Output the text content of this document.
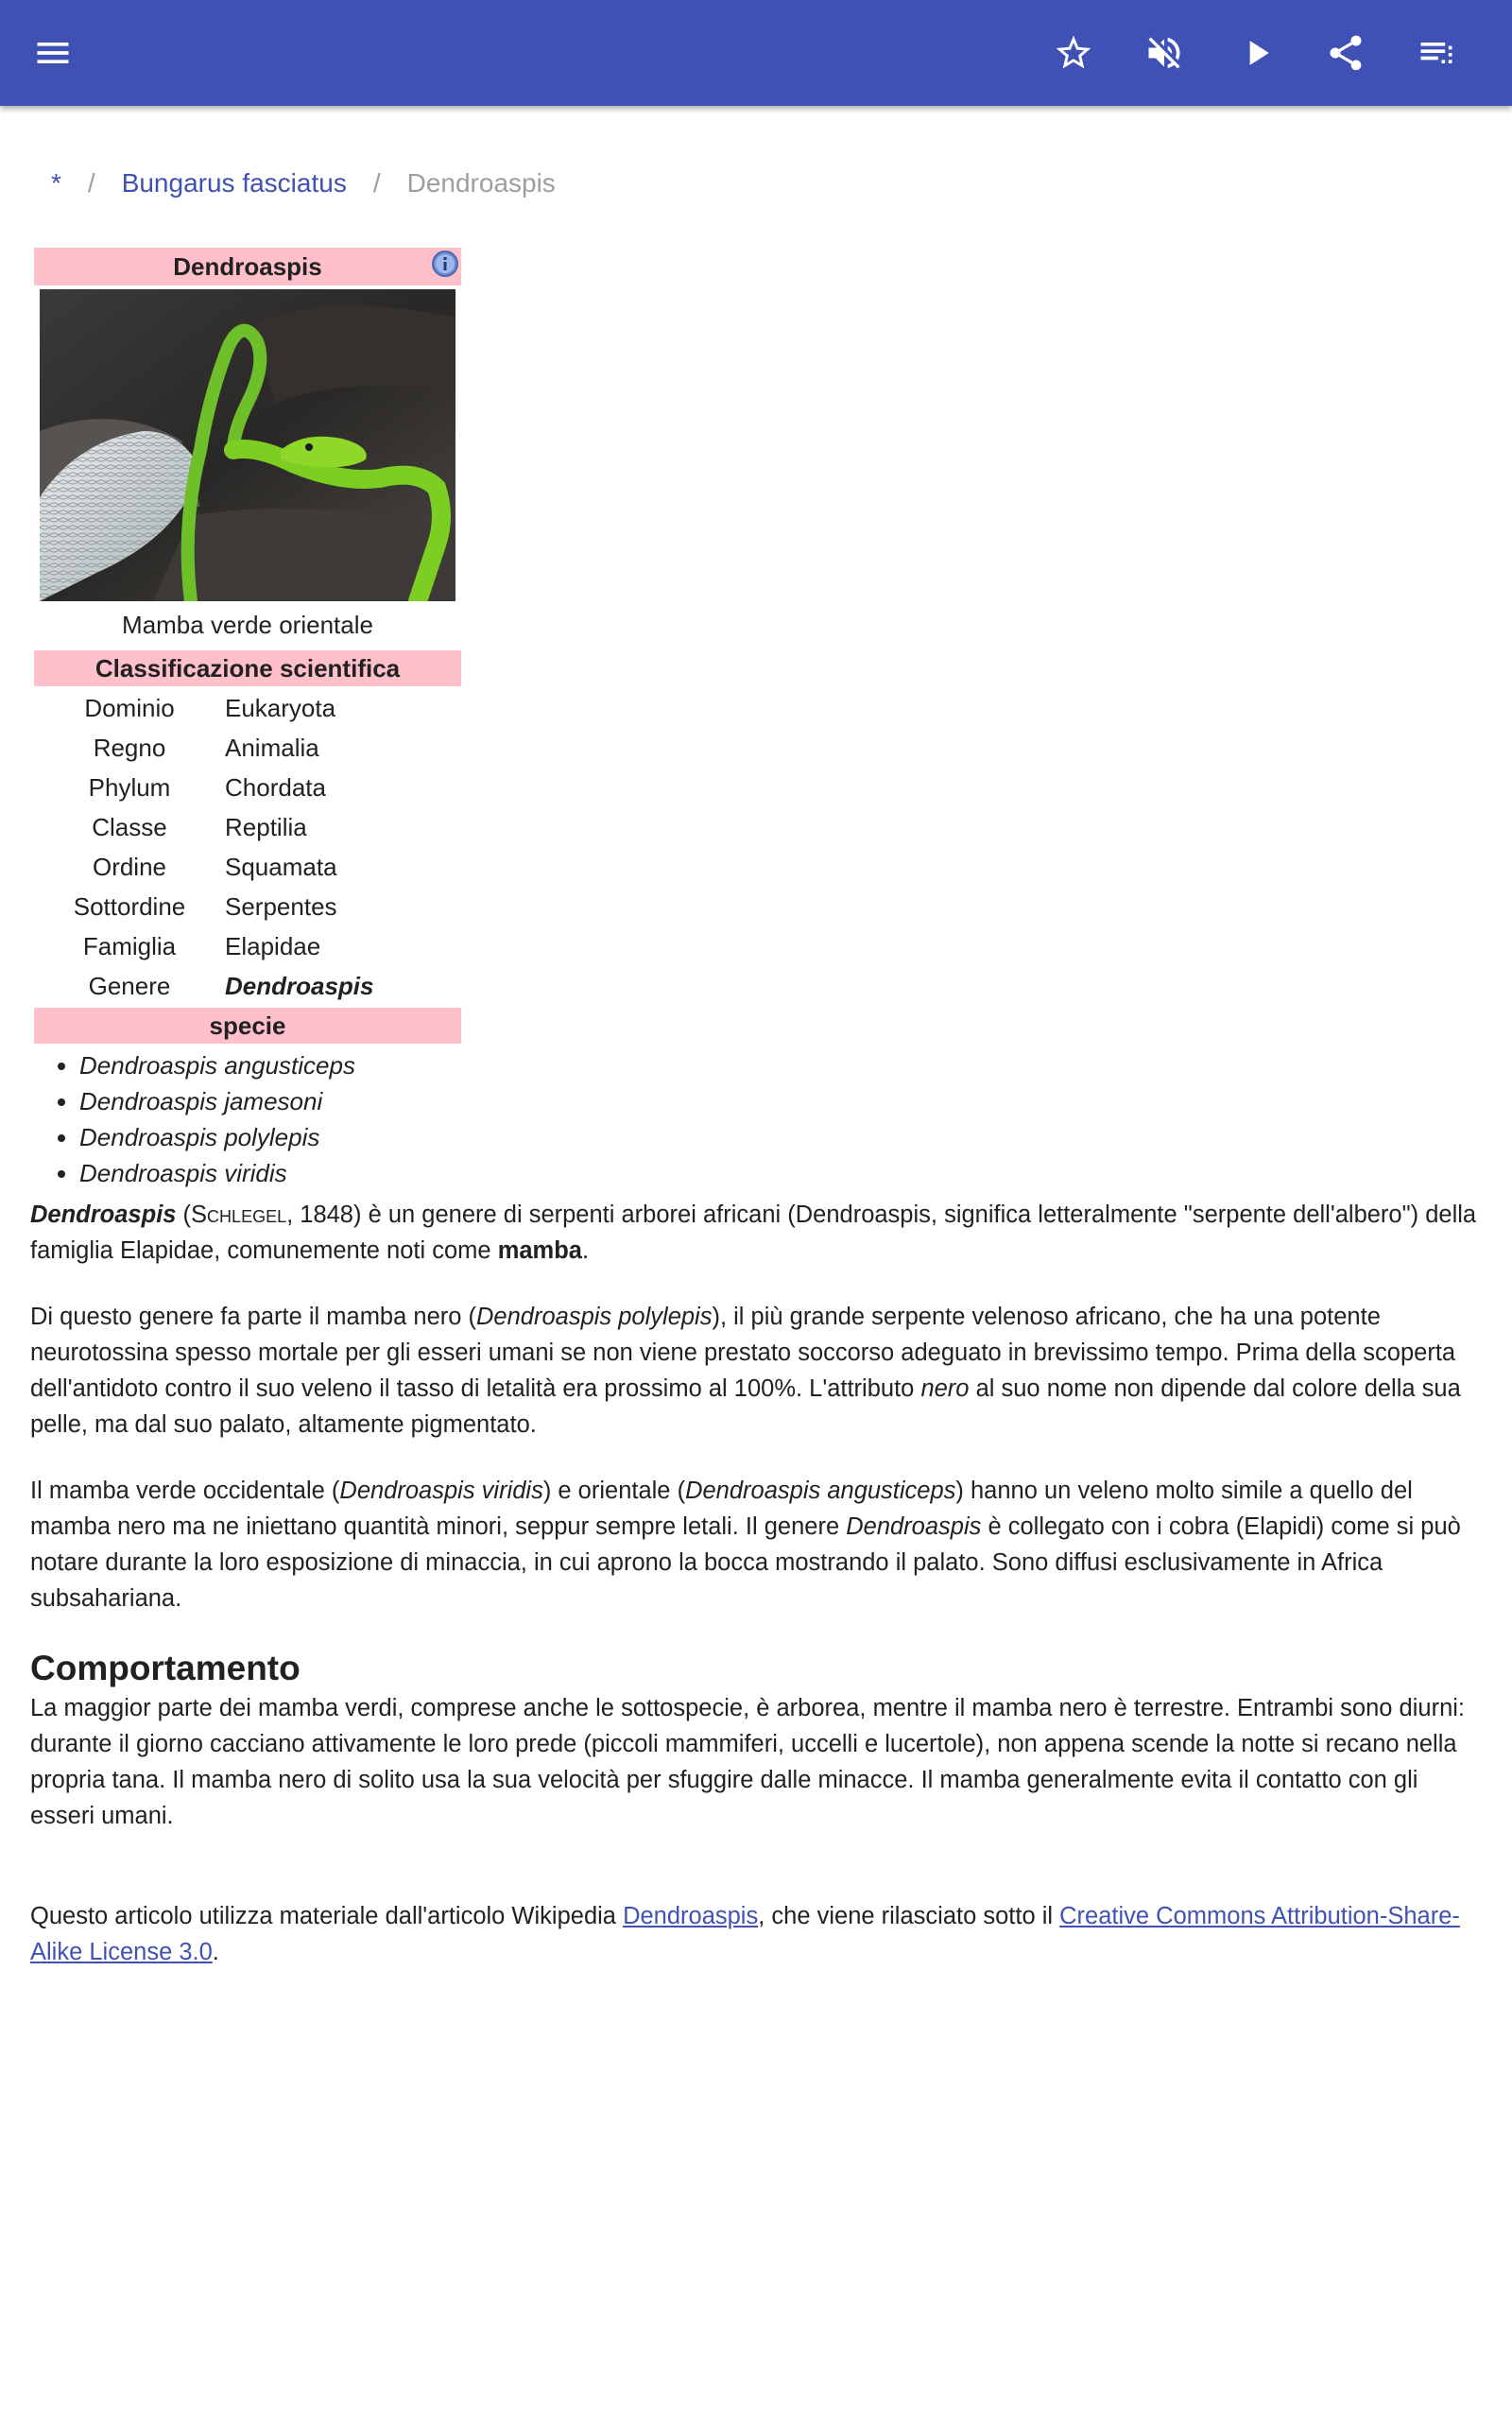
* / Bungarus fasciatus / Dendroaspis
Dendroaspis
Mamba verde orientale
Classificazione scientifica
Dominio	Eukaryota
Regno	Animalia
Phylum	Chordata
Classe	Reptilia
Ordine	Squamata
Sottordine	Serpentes
Famiglia	Elapidae
Genere	Dendroaspis
specie
• Dendroaspis angusticeps
• Dendroaspis jamesoni
• Dendroaspis polylepis
• Dendroaspis viridis

Dendroaspis (Schlegel, 1848) è un genere di serpenti arborei africani (Dendroaspis, significa letteralmente "serpente dell'albero") della famiglia Elapidae, comunemente noti come mamba.

Di questo genere fa parte il mamba nero (Dendroaspis polylepis), il più grande serpente velenoso africano, che ha una potente neurotossina spesso mortale per gli esseri umani se non viene prestato soccorso adeguato in brevissimo tempo. Prima della scoperta dell'antidoto contro il suo veleno il tasso di letalità era prossimo al 100%. L'attributo nero al suo nome non dipende dal colore della sua pelle, ma dal suo palato, altamente pigmentato.

Il mamba verde occidentale (Dendroaspis viridis) e orientale (Dendroaspis angusticeps) hanno un veleno molto simile a quello del mamba nero ma ne iniettano quantità minori, seppur sempre letali. Il genere Dendroaspis è collegato con i cobra (Elapidi) come si può notare durante la loro esposizione di minaccia, in cui aprono la bocca mostrando il palato. Sono diffusi esclusivamente in Africa subsahariana.

Comportamento

La maggior parte dei mamba verdi, comprese anche le sottospecie, è arborea, mentre il mamba nero è terrestre. Entrambi sono diurni: durante il giorno cacciano attivamente le loro prede (piccoli mammiferi, uccelli e lucertole), non appena scende la notte si recano nella propria tana. Il mamba nero di solito usa la sua velocità per sfuggire dalle minacce. Il mamba generalmente evita il contatto con gli esseri umani.

Questo articolo utilizza materiale dall'articolo Wikipedia Dendroaspis, che viene rilasciato sotto il Creative Commons Attribution-Share-Alike License 3.0.
